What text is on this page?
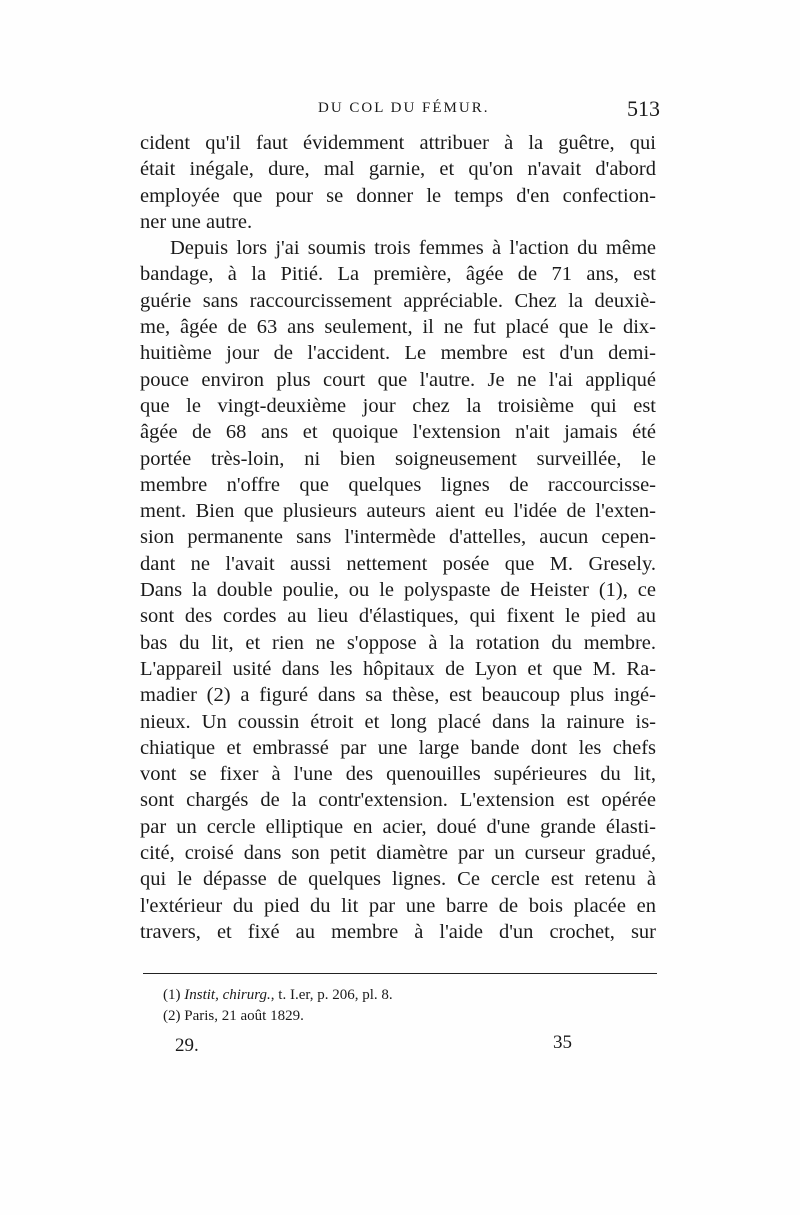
DU COL DU FÉMUR.	513
cident qu'il faut évidemment attribuer à la guêtre, qui
était inégale, dure, mal garnie, et qu'on n'avait d'abord
employée que pour se donner le temps d'en confection-
ner une autre.
Depuis lors j'ai soumis trois femmes à l'action du même
bandage, à la Pitié. La première, âgée de 71 ans, est
guérie sans raccourcissement appréciable. Chez la deuxiè-
me, âgée de 63 ans seulement, il ne fut placé que le dix-
huitième jour de l'accident. Le membre est d'un demi-
pouce environ plus court que l'autre. Je ne l'ai appliqué
que le vingt-deuxième jour chez la troisième qui est
âgée de 68 ans et quoique l'extension n'ait jamais été
portée très-loin, ni bien soigneusement surveillée, le
membre n'offre que quelques lignes de raccourcisse-
ment. Bien que plusieurs auteurs aient eu l'idée de l'exten-
sion permanente sans l'intermède d'attelles, aucun cepen-
dant ne l'avait aussi nettement posée que M. Gresely.
Dans la double poulie, ou le polyspaste de Heister (1), ce
sont des cordes au lieu d'élastiques, qui fixent le pied au
bas du lit, et rien ne s'oppose à la rotation du membre.
L'appareil usité dans les hôpitaux de Lyon et que M. Ra-
madier (2) a figuré dans sa thèse, est beaucoup plus ingé-
nieux. Un coussin étroit et long placé dans la rainure is-
chiatique et embrassé par une large bande dont les chefs
vont se fixer à l'une des quenouilles supérieures du lit,
sont chargés de la contr'extension. L'extension est opérée
par un cercle elliptique en acier, doué d'une grande élasti-
cité, croisé dans son petit diamètre par un curseur gradué,
qui le dépasse de quelques lignes. Ce cercle est retenu à
l'extérieur du pied du lit par une barre de bois placée en
travers, et fixé au membre à l'aide d'un crochet, sur
(1) Instit, chirurg., t. I.er, p. 206, pl. 8.
(2) Paris, 21 août 1829.
29.	35
